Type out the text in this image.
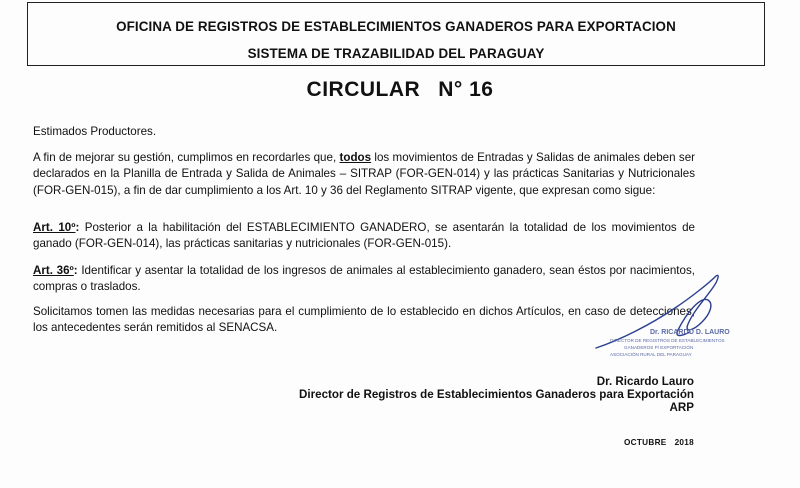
OFICINA DE REGISTROS DE ESTABLECIMIENTOS GANADEROS PARA EXPORTACION
SISTEMA DE TRAZABILIDAD DEL PARAGUAY
CIRCULAR N° 16
Estimados Productores.
A fin de mejorar su gestión, cumplimos en recordarles que, todos los movimientos de Entradas y Salidas de animales deben ser declarados en la Planilla de Entrada y Salida de Animales – SITRAP (FOR-GEN-014) y las prácticas Sanitarias y Nutricionales (FOR-GEN-015), a fin de dar cumplimiento a los Art. 10 y 36 del Reglamento SITRAP vigente, que expresan como sigue:
Art. 10º: Posterior a la habilitación del ESTABLECIMIENTO GANADERO, se asentarán la totalidad de los movimientos de ganado (FOR-GEN-014), las prácticas sanitarias y nutricionales (FOR-GEN-015).
Art. 36º: Identificar y asentar la totalidad de los ingresos de animales al establecimiento ganadero, sean éstos por nacimientos, compras o traslados.
Solicitamos tomen las medidas necesarias para el cumplimiento de lo establecido en dichos Artículos, en caso de detecciones, los antecedentes serán remitidos al SENACSA.	Dr. RICARDO D. LAURO
DIRECTOR DE REGISTROS DE ESTABLECIMIENTOS
GANADEROS P/ EXPORTACIÓN
ASOCIACIÓN RURAL DEL PARAGUAY
Dr. Ricardo Lauro
Director de Registros de Establecimientos Ganaderos para Exportación
ARP
OCTUBRE 2018
